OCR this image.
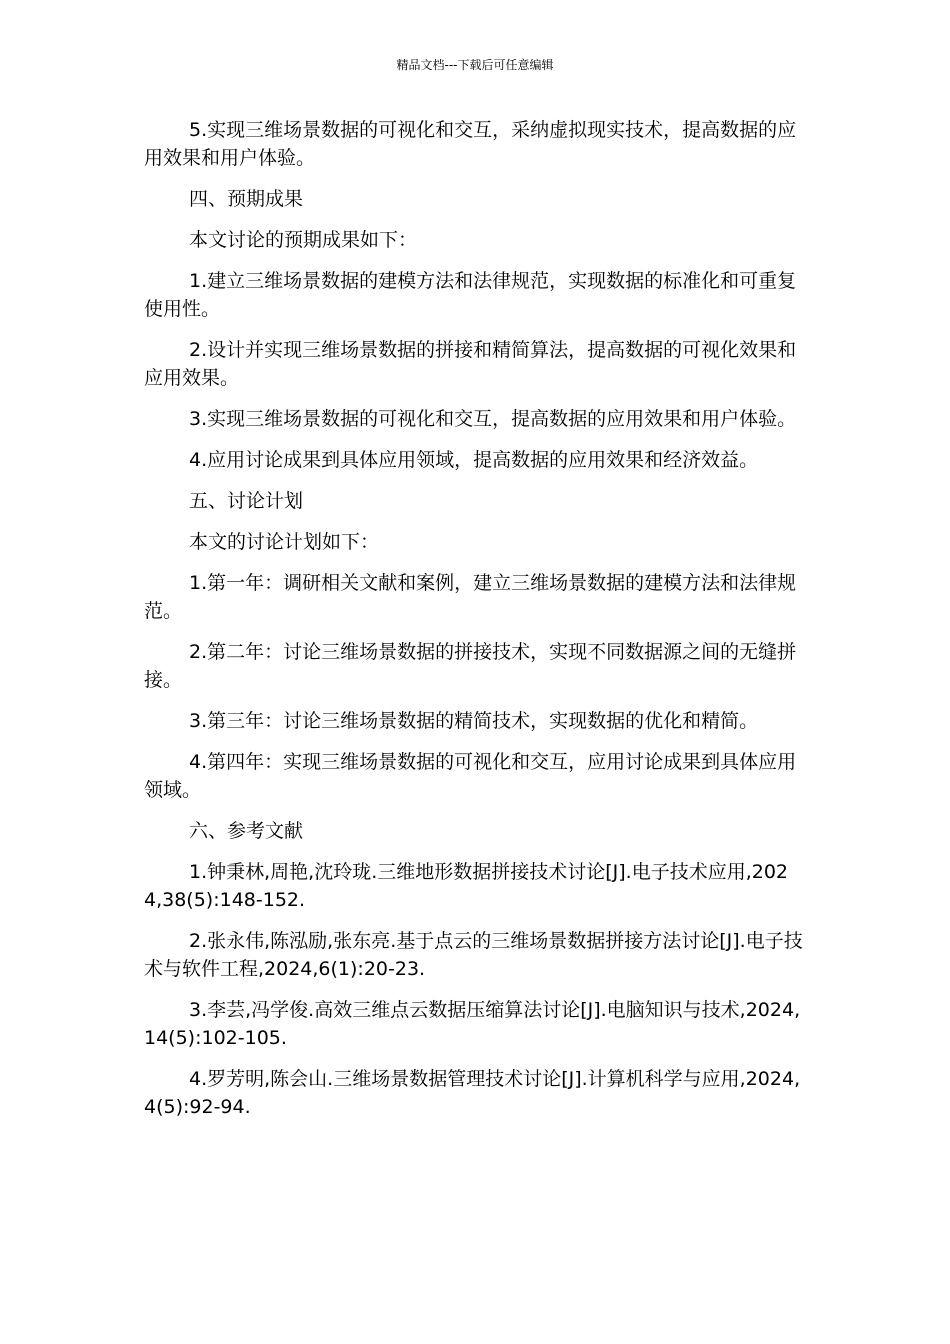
精品文档---下载后可任意编辑

5.实现三维场景数据的可视化和交互，采纳虚拟现实技术，提高数据的应用效果和用户体验。

四、预期成果

本文讨论的预期成果如下：

1.建立三维场景数据的建模方法和法律规范，实现数据的标准化和可重复使用性。

2.设计并实现三维场景数据的拼接和精简算法，提高数据的可视化效果和应用效果。

3.实现三维场景数据的可视化和交互，提高数据的应用效果和用户体验。

4.应用讨论成果到具体应用领域，提高数据的应用效果和经济效益。

五、讨论计划

本文的讨论计划如下：

1.第一年：调研相关文献和案例，建立三维场景数据的建模方法和法律规范。

2.第二年：讨论三维场景数据的拼接技术，实现不同数据源之间的无缝拼接。

3.第三年：讨论三维场景数据的精简技术，实现数据的优化和精简。

4.第四年：实现三维场景数据的可视化和交互，应用讨论成果到具体应用领域。

六、参考文献

1.钟秉林,周艳,沈玲珑.三维地形数据拼接技术讨论[J].电子技术应用,2024,38(5):148-152.

2.张永伟,陈泓励,张东亮.基于点云的三维场景数据拼接方法讨论[J].电子技术与软件工程,2024,6(1):20-23.

3.李芸,冯学俊.高效三维点云数据压缩算法讨论[J].电脑知识与技术,2024,14(5):102-105.

4.罗芳明,陈会山.三维场景数据管理技术讨论[J].计算机科学与应用,2024,4(5):92-94.
